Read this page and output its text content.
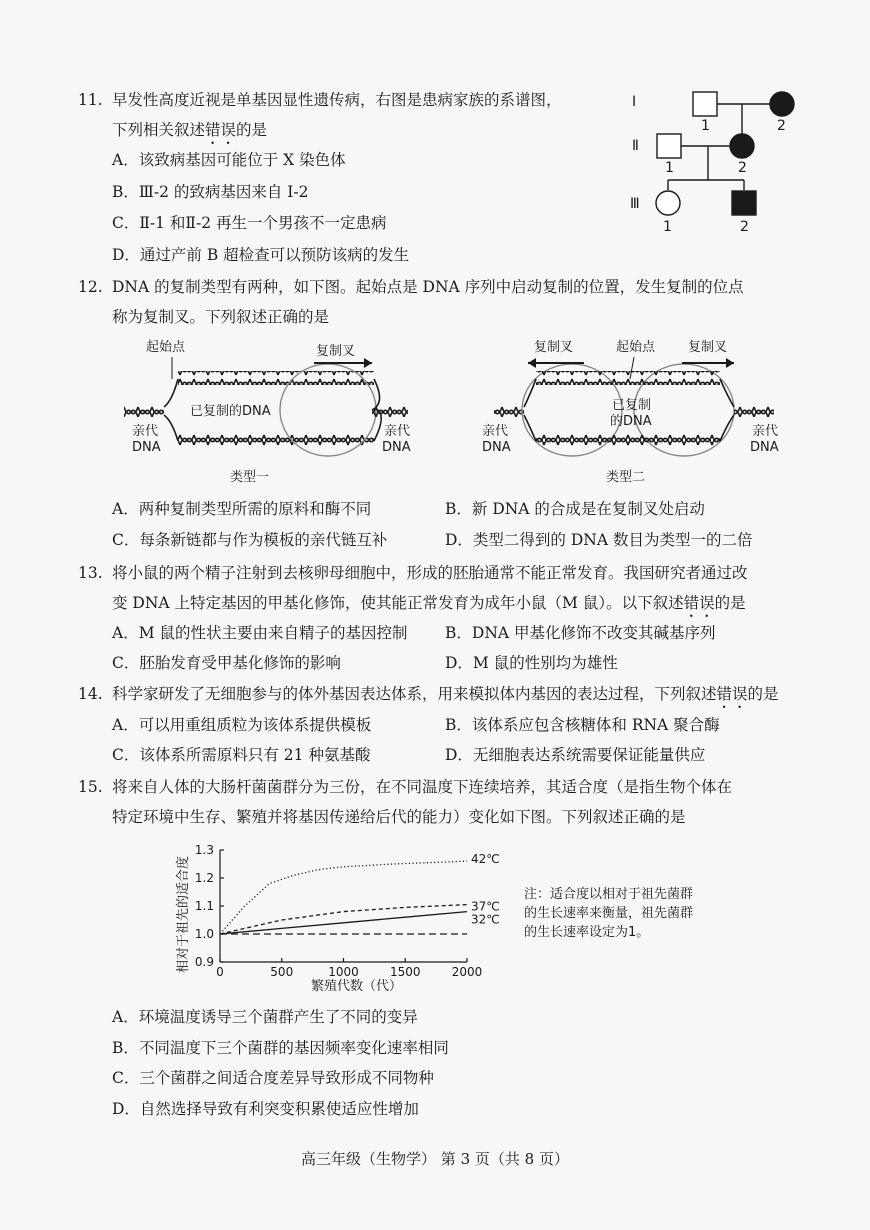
11. 早发性高度近视是单基因显性遗传病，右图是患病家族的系谱图，
下列相关叙述错误的是
A．该致病基因可能位于 X 染色体
B．Ⅲ-2 的致病基因来自 Ⅰ-2
C．Ⅱ-1 和Ⅱ-2 再生一个男孩不一定患病
D．通过产前 B 超检查可以预防该病的发生
Ⅰ
Ⅱ
Ⅲ
1	2
1	2
1	2
12. DNA 的复制类型有两种，如下图。起始点是 DNA 序列中启动复制的位置，发生复制的位点
称为复制叉。下列叙述正确的是
起始点	复制叉
已复制的DNA
亲代
DNA
亲代
DNA
类型一
复制叉	起始点	复制叉
已复制
的DNA
亲代
DNA
亲代
DNA
类型二
A．两种复制类型所需的原料和酶不同	B．新 DNA 的合成是在复制叉处启动
C．每条新链都与作为模板的亲代链互补	D．类型二得到的 DNA 数目为类型一的二倍
13. 将小鼠的两个精子注射到去核卵母细胞中，形成的胚胎通常不能正常发育。我国研究者通过改
变 DNA 上特定基因的甲基化修饰，使其能正常发育为成年小鼠（M 鼠）。以下叙述错误的是
A．M 鼠的性状主要由来自精子的基因控制 B．DNA 甲基化修饰不改变其碱基序列
C．胚胎发育受甲基化修饰的影响	D．M 鼠的性别均为雄性
14. 科学家研发了无细胞参与的体外基因表达体系，用来模拟体内基因的表达过程，下列叙述错误的是
A．可以用重组质粒为该体系提供模板	B．该体系应包含核糖体和 RNA 聚合酶
C．该体系所需原料只有 21 种氨基酸	D．无细胞表达系统需要保证能量供应
15. 将来自人体的大肠杆菌菌群分为三份，在不同温度下连续培养，其适合度（是指生物个体在
特定环境中生存、繁殖并将基因传递给后代的能力）变化如下图。下列叙述正确的是
0	500	1000	1500	2000
0.9
1.0
1.1
1.2
1.3
42℃
37℃
32℃
繁殖代数（代）
相对于祖先的适合度	注：适合度以相对于祖先菌群
的生长速率来衡量，祖先菌群
的生长速率设定为1。
A．环境温度诱导三个菌群产生了不同的变异
B．不同温度下三个菌群的基因频率变化速率相同
C．三个菌群之间适合度差异导致形成不同物种
D．自然选择导致有利突变积累使适应性增加
高三年级（生物学） 第 3 页（共 8 页）
